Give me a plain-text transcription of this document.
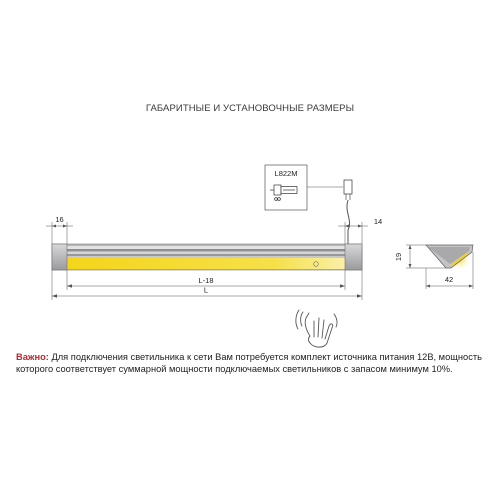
ГАБАРИТНЫЕ И УСТАНОВОЧНЫЕ РАЗМЕРЫ
L822M
16	14
L-18
L
19
42
Важно: Для подключения светильника к сети Вам потребуется комплект источника питания 12В, мощность которого соответствует суммарной мощности подключаемых светильников с запасом минимум 10%.
